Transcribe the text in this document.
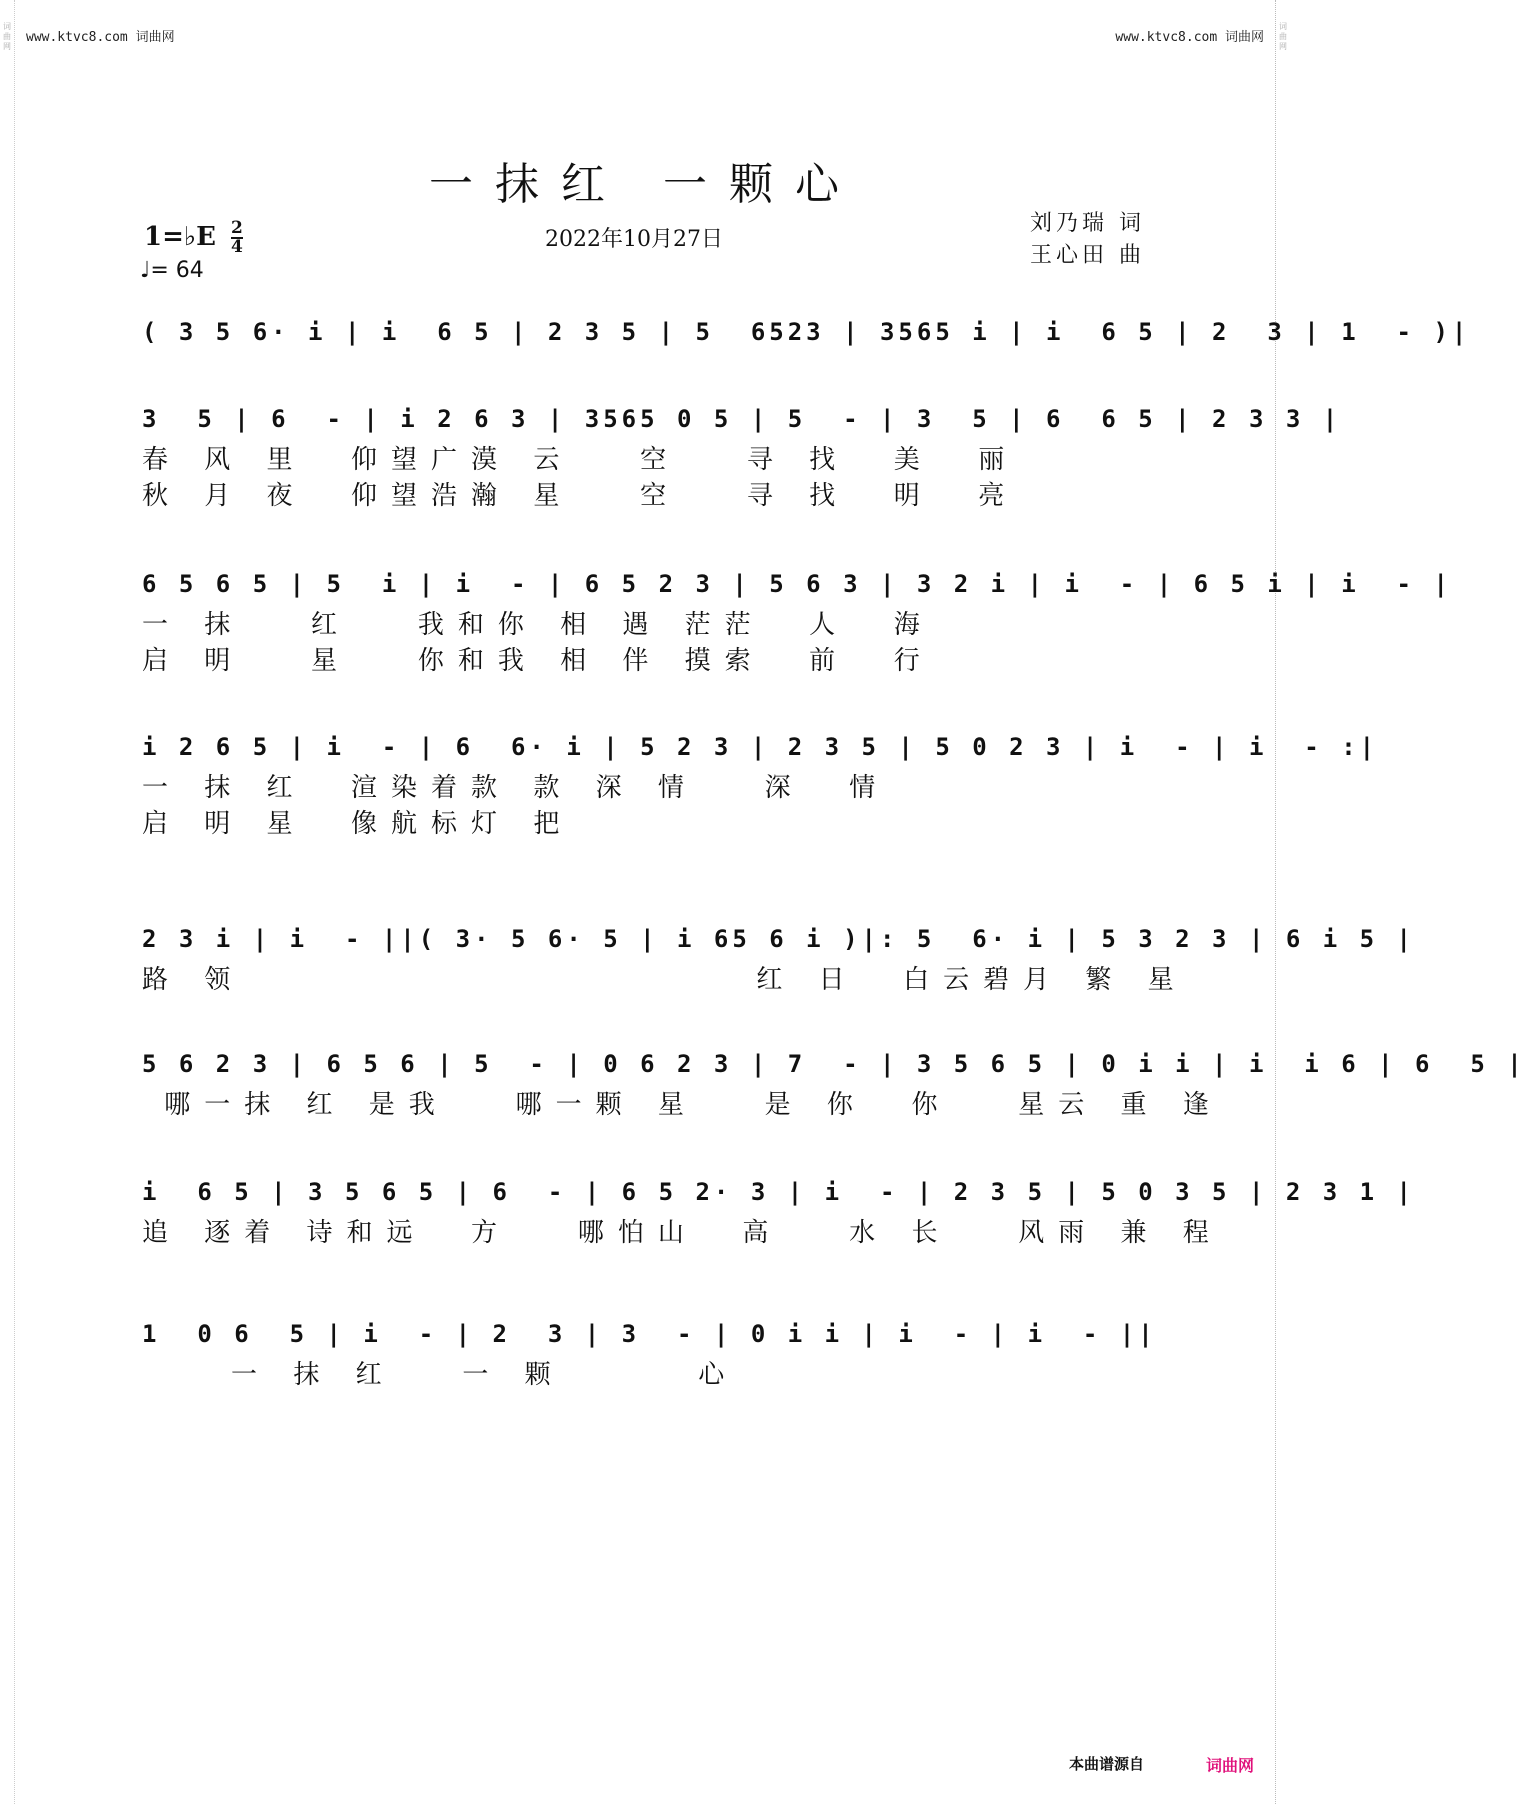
词曲网
词曲网
www.ktvc8.com 词曲网	www.ktvc8.com 词曲网
一抹红 一颗心
1=♭E $\frac{2}{4}$
♩= 64
2022年10月27日
刘乃瑞 词
王心田 曲
( 3 5 6· i | i  6 5 | 2 3 5 | 5  6523 | 3565 i | i  6 5 | 2  3 | 1  - )|
3  5 | 6  - | i 2 6 3 | 3565 0 5 | 5  - | 3  5 | 6  6 5 | 2 3 3 |
春 风 里  仰望广漠 云   空   寻 找  美  丽
秋 月 夜  仰望浩瀚 星   空   寻 找  明  亮
6 5 6 5 | 5  i | i  - | 6 5 2 3 | 5 6 3 | 3 2 i | i  - | 6 5 i | i  - |
一 抹   红   我和你 相 遇 茫茫  人  海
启 明   星   你和我 相 伴 摸索  前  行
i 2 6 5 | i  - | 6  6· i | 5 2 3 | 2 3 5 | 5 0 2 3 | i  - | i  - :|
一 抹 红  渲染着款 款 深 情   深  情
启 明 星  像航标灯 把
2 3 i | i  - ||( 3· 5 6· 5 | i 65 6 i )|: 5  6· i | 5 3 2 3 | 6 i 5 |
路 领                       红 日  白云碧月 繁 星
5 6 2 3 | 6 5 6 | 5  - | 0 6 2 3 | 7  - | 3 5 6 5 | 0 i i | i  i 6 | 6  5 |
哪一抹 红 是我   哪一颗 星   是 你  你   星云 重 逢
i  6 5 | 3 5 6 5 | 6  - | 6 5 2· 3 | i  - | 2 3 5 | 5 0 3 5 | 2 3 1 |
追 逐着 诗和远  方   哪怕山  高   水 长   风雨 兼 程
1  0 6  5 | i  - | 2  3 | 3  - | 0 i i | i  - | i  - ||
一 抹 红   一 颗      心
本曲谱源自	词曲网
